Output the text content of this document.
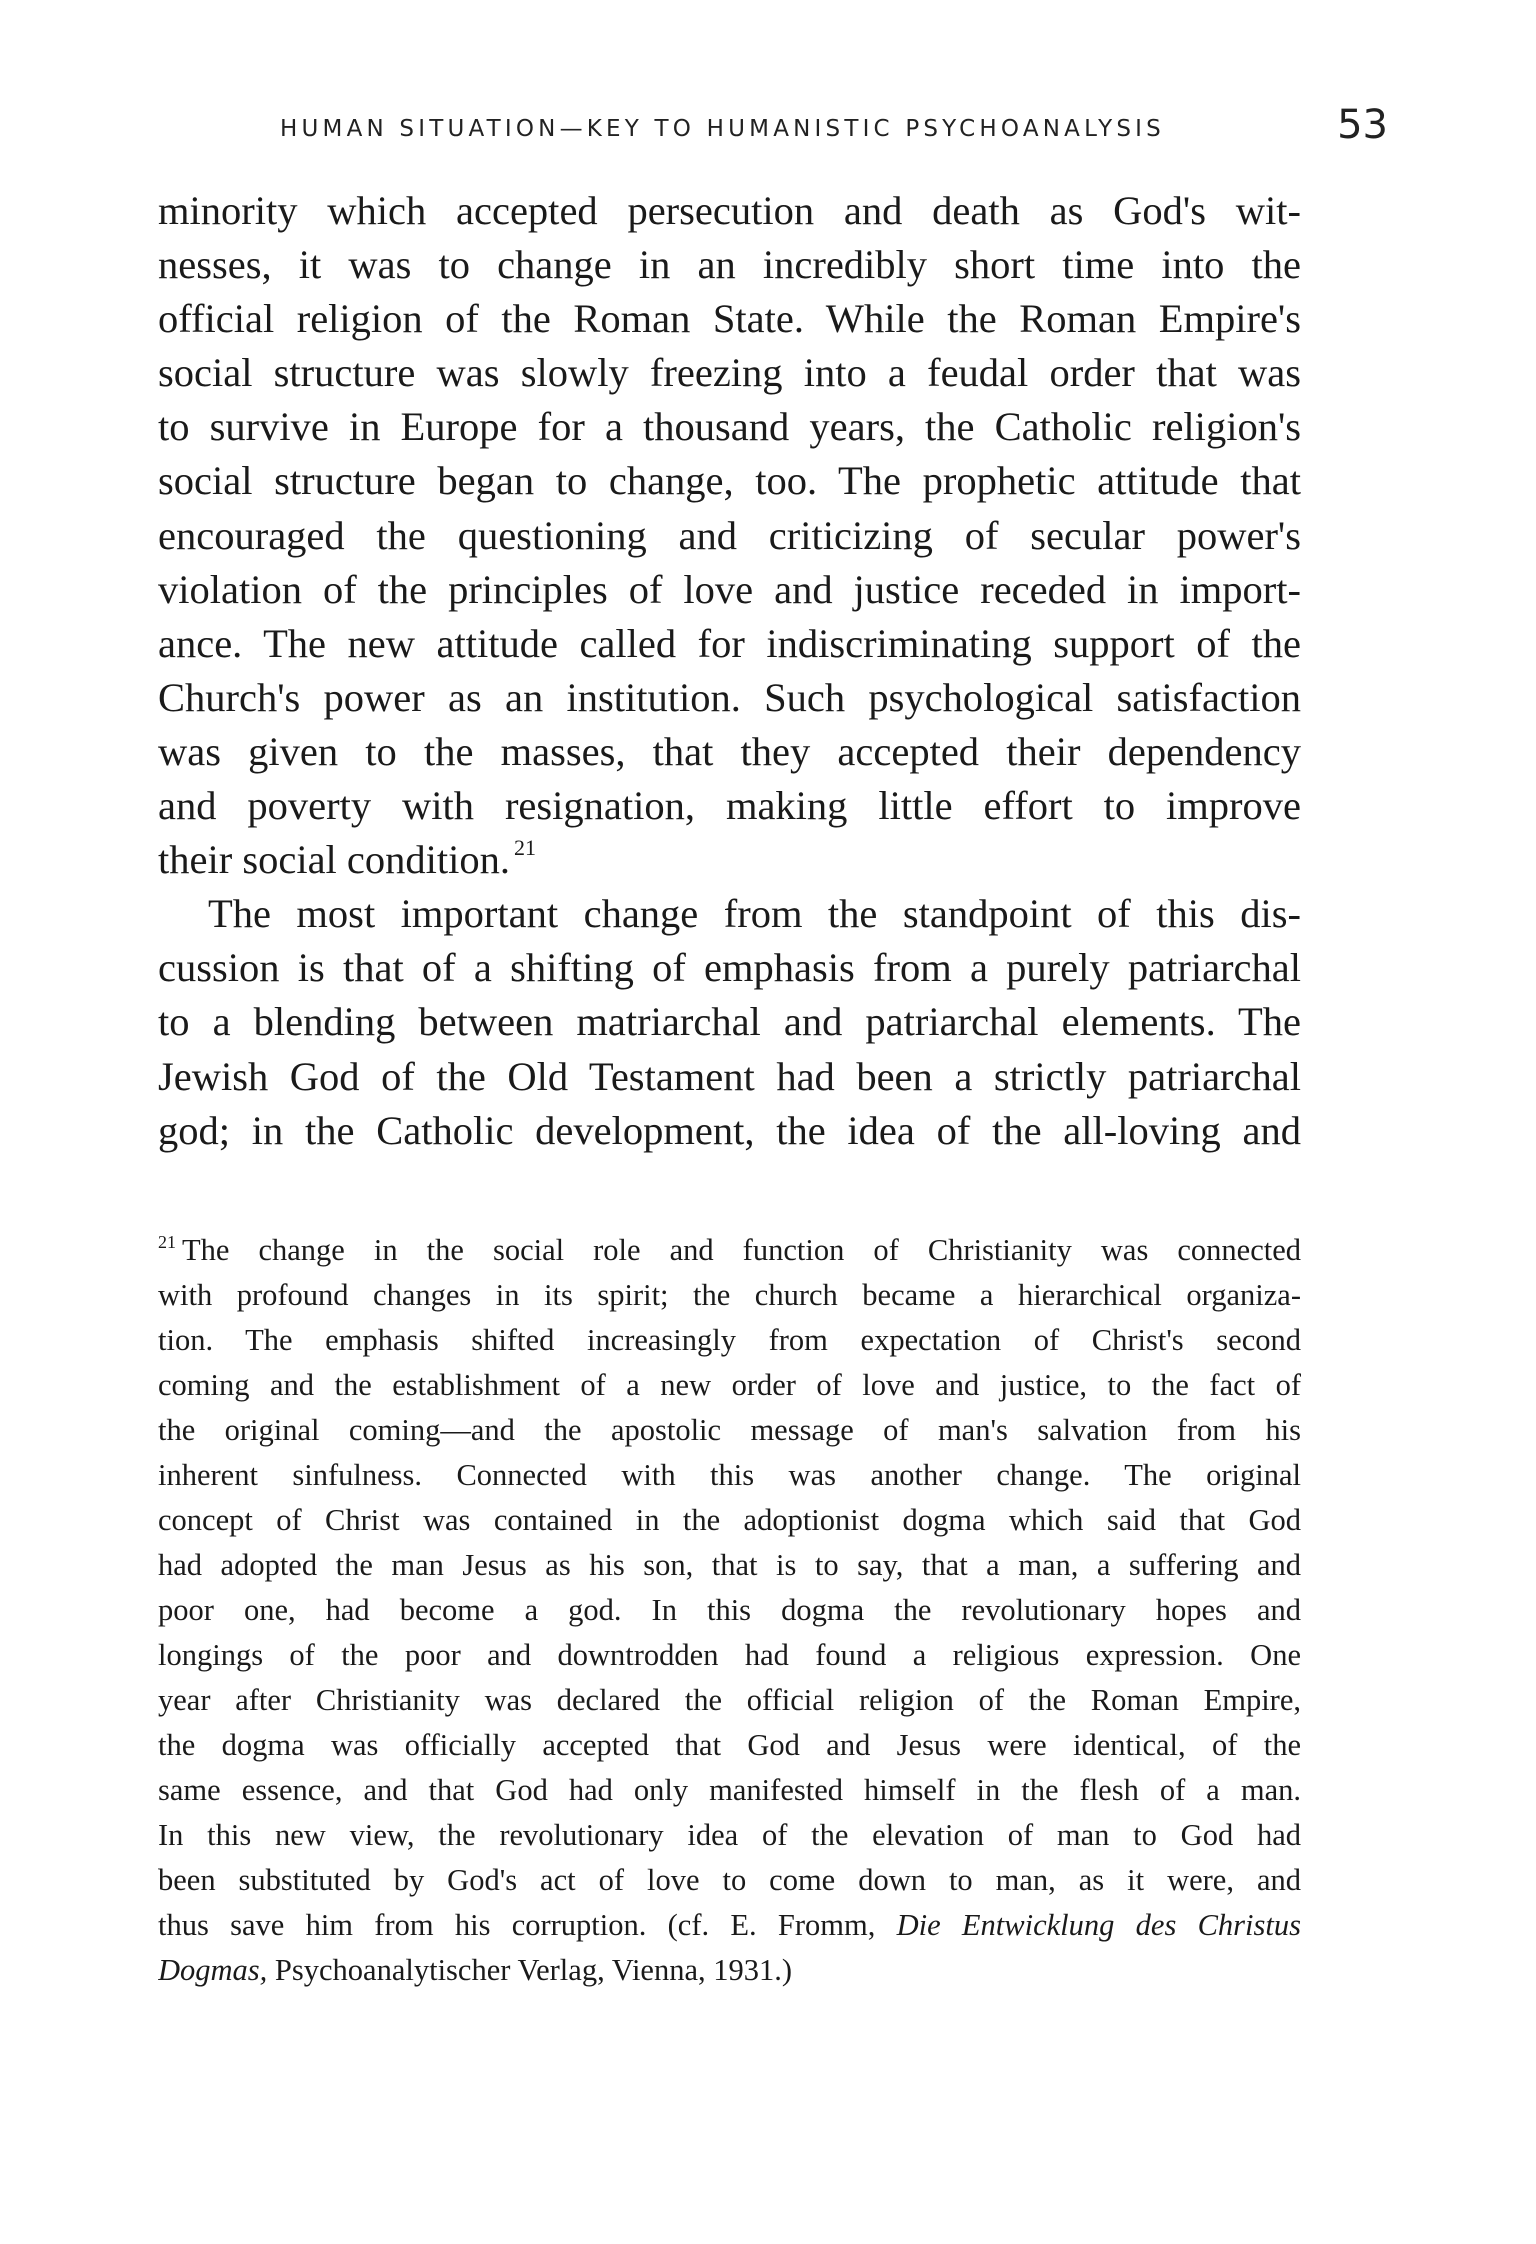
HUMAN SITUATION—KEY TO HUMANISTIC PSYCHOANALYSIS	53
minority which accepted persecution and death as God's wit-
nesses, it was to change in an incredibly short time into the
official religion of the Roman State. While the Roman Empire's
social structure was slowly freezing into a feudal order that was
to survive in Europe for a thousand years, the Catholic religion's
social structure began to change, too. The prophetic attitude that
encouraged the questioning and criticizing of secular power's
violation of the principles of love and justice receded in import-
ance. The new attitude called for indiscriminating support of the
Church's power as an institution. Such psychological satisfaction
was given to the masses, that they accepted their dependency
and poverty with resignation, making little effort to improve
their social condition. $^{21}$
The most important change from the standpoint of this dis-
cussion is that of a shifting of emphasis from a purely patriarchal
to a blending between matriarchal and patriarchal elements. The
Jewish God of the Old Testament had been a strictly patriarchal
god; in the Catholic development, the idea of the all-loving and
$^{21}$ The change in the social role and function of Christianity was connected
with profound changes in its spirit; the church became a hierarchical organiza-
tion. The emphasis shifted increasingly from expectation of Christ's second
coming and the establishment of a new order of love and justice, to the fact of
the original coming—and the apostolic message of man's salvation from his
inherent sinfulness. Connected with this was another change. The original
concept of Christ was contained in the adoptionist dogma which said that God
had adopted the man Jesus as his son, that is to say, that a man, a suffering and
poor one, had become a god. In this dogma the revolutionary hopes and
longings of the poor and downtrodden had found a religious expression. One
year after Christianity was declared the official religion of the Roman Empire,
the dogma was officially accepted that God and Jesus were identical, of the
same essence, and that God had only manifested himself in the flesh of a man.
In this new view, the revolutionary idea of the elevation of man to God had
been substituted by God's act of love to come down to man, as it were, and
thus save him from his corruption. (cf. E. Fromm, Die Entwicklung des Christus
Dogmas, Psychoanalytischer Verlag, Vienna, 1931.)
